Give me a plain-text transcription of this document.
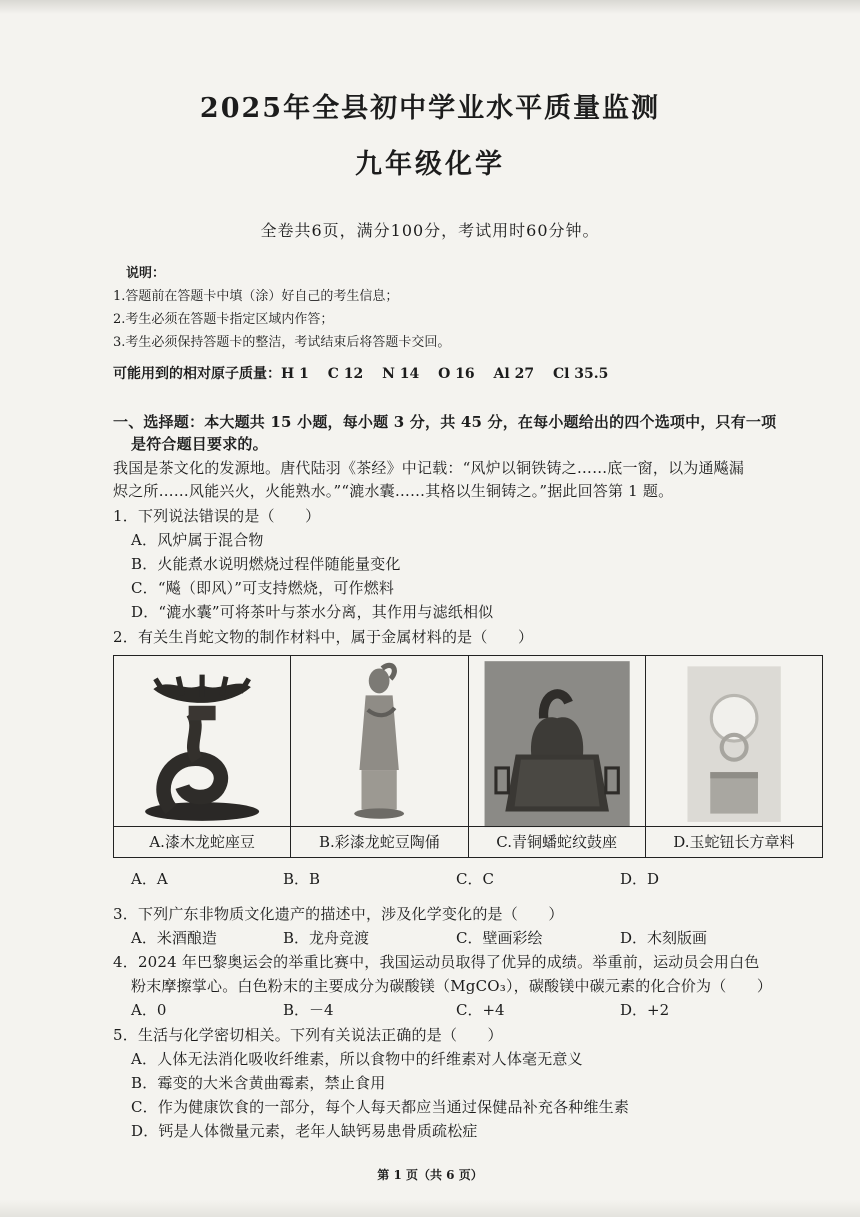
2025年全县初中学业水平质量监测
九年级化学
全卷共6页，满分100分，考试用时60分钟。
说明：
1.答题前在答题卡中填（涂）好自己的考生信息；
2.考生必须在答题卡指定区域内作答；
3.考生必须保持答题卡的整洁，考试结束后将答题卡交回。
可能用到的相对原子质量：H 1　 C 12　 N 14　 O 16　 Al 27　 Cl 35.5
一、选择题：本大题共 15 小题，每小题 3 分，共 45 分，在每小题给出的四个选项中，只有一项
是符合题目要求的。
我国是茶文化的发源地。唐代陆羽《茶经》中记载：“风炉以铜铁铸之……底一窗，以为通飚漏
烬之所……风能兴火，火能熟水。”“漉水囊……其格以生铜铸之。”据此回答第 1 题。
1．下列说法错误的是（　　）
A．风炉属于混合物
B．火能煮水说明燃烧过程伴随能量变化
C．“飚（即风）”可支持燃烧，可作燃料
D．“漉水囊”可将茶叶与茶水分离，其作用与滤纸相似
2．有关生肖蛇文物的制作材料中，属于金属材料的是（　　）
A.漆木龙蛇座豆	B.彩漆龙蛇豆陶俑	C.青铜蟠蛇纹鼓座	D.玉蛇钮长方章料
A．A	B．B	C．C	D．D
3．下列广东非物质文化遗产的描述中，涉及化学变化的是（　　）
A．米酒酿造	B．龙舟竞渡	C．壁画彩绘	D．木刻版画
4．2024 年巴黎奥运会的举重比赛中，我国运动员取得了优异的成绩。举重前，运动员会用白色
粉末摩擦掌心。白色粉末的主要成分为碳酸镁（MgCO₃），碳酸镁中碳元素的化合价为（　　）
A．0	B．－4	C．+4	D．+2
5．生活与化学密切相关。下列有关说法正确的是（　　）
A．人体无法消化吸收纤维素，所以食物中的纤维素对人体毫无意义
B．霉变的大米含黄曲霉素，禁止食用
C．作为健康饮食的一部分，每个人每天都应当通过保健品补充各种维生素
D．钙是人体微量元素，老年人缺钙易患骨质疏松症
第 1 页（共 6 页）
